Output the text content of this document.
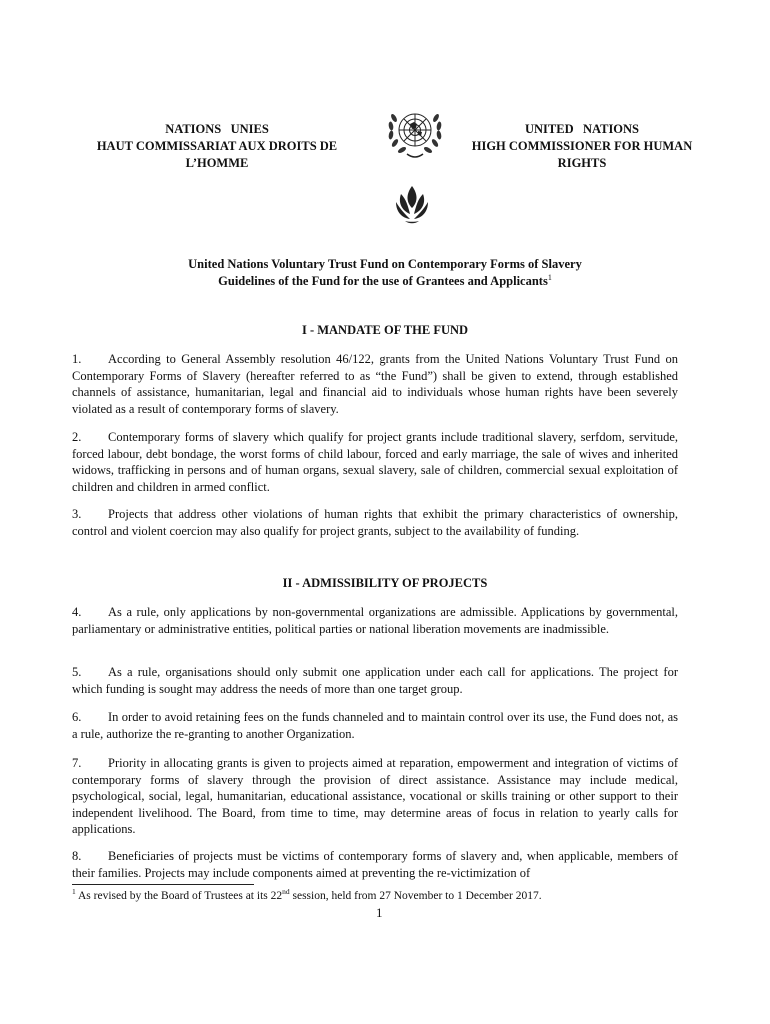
NATIONS   UNIES
HAUT COMMISSARIAT AUX DROITS DE
L’HOMME
UNITED   NATIONS
HIGH COMMISSIONER FOR HUMAN
RIGHTS
United Nations Voluntary Trust Fund on Contemporary Forms of Slavery
Guidelines of the Fund for the use of Grantees and Applicants$^1$
I - MANDATE OF THE FUND
1. According to General Assembly resolution 46/122, grants from the United Nations Voluntary Trust Fund on Contemporary Forms of Slavery (hereafter referred to as “the Fund”) shall be given to extend, through established channels of assistance, humanitarian, legal and financial aid to individuals whose human rights have been severely violated as a result of contemporary forms of slavery.
2. Contemporary forms of slavery which qualify for project grants include traditional slavery, serfdom, servitude, forced labour, debt bondage, the worst forms of child labour, forced and early marriage, the sale of wives and inherited widows, trafficking in persons and of human organs, sexual slavery, sale of children, commercial sexual exploitation of children and children in armed conflict.
3. Projects that address other violations of human rights that exhibit the primary characteristics of ownership, control and violent coercion may also qualify for project grants, subject to the availability of funding.
II - ADMISSIBILITY OF PROJECTS
4. As a rule, only applications by non-governmental organizations are admissible. Applications by governmental, parliamentary or administrative entities, political parties or national liberation movements are inadmissible.
5. As a rule, organisations should only submit one application under each call for applications. The project for which funding is sought may address the needs of more than one target group.
6. In order to avoid retaining fees on the funds channeled and to maintain control over its use, the Fund does not, as a rule, authorize the re-granting to another Organization.
7. Priority in allocating grants is given to projects aimed at reparation, empowerment and integration of victims of contemporary forms of slavery through the provision of direct assistance. Assistance may include medical, psychological, social, legal, humanitarian, educational assistance, vocational or skills training or other support to their independent livelihood. The Board, from time to time, may determine areas of focus in relation to yearly calls for applications.
8. Beneficiaries of projects must be victims of contemporary forms of slavery and, when applicable, members of their families. Projects may include components aimed at preventing the re-victimization of
$^1$ As revised by the Board of Trustees at its 22nd session, held from 27 November to 1 December 2017.
1
